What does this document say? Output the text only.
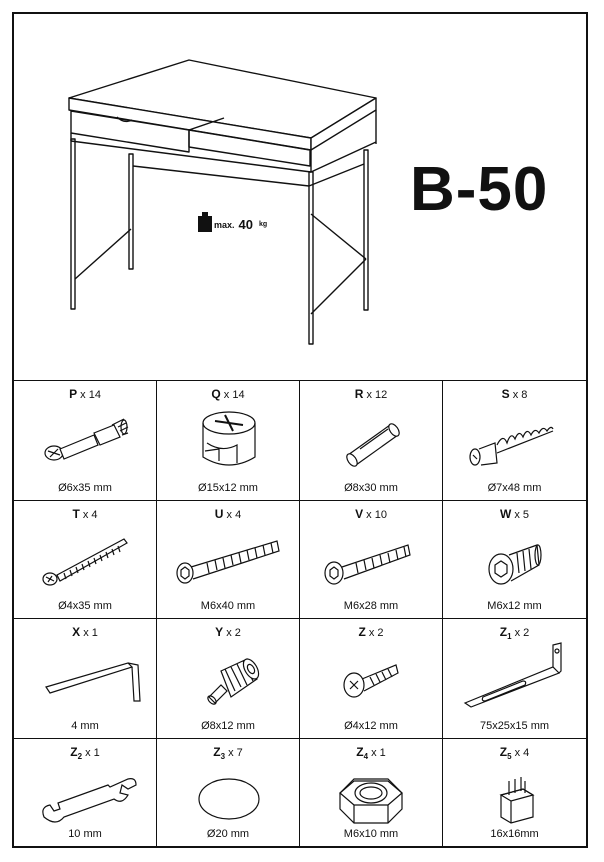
max. 40 kg
B-50
P x 14
Ø6x35 mm
Q x 14
Ø15x12 mm
R x 12
Ø8x30 mm
S x 8
Ø7x48 mm
T x 4
Ø4x35 mm
U x 4
M6x40 mm
V x 10
M6x28 mm
W x 5
M6x12 mm
X x 1
4 mm
Y x 2
Ø8x12 mm
Z x 2
Ø4x12 mm
$Z_1$ x 2
75x25x15 mm
$Z_2$ x 1
10 mm
$Z_3$ x 7
Ø20 mm
$Z_4$ x 1
M6x10 mm
$Z_5$ x 4
16x16mm
